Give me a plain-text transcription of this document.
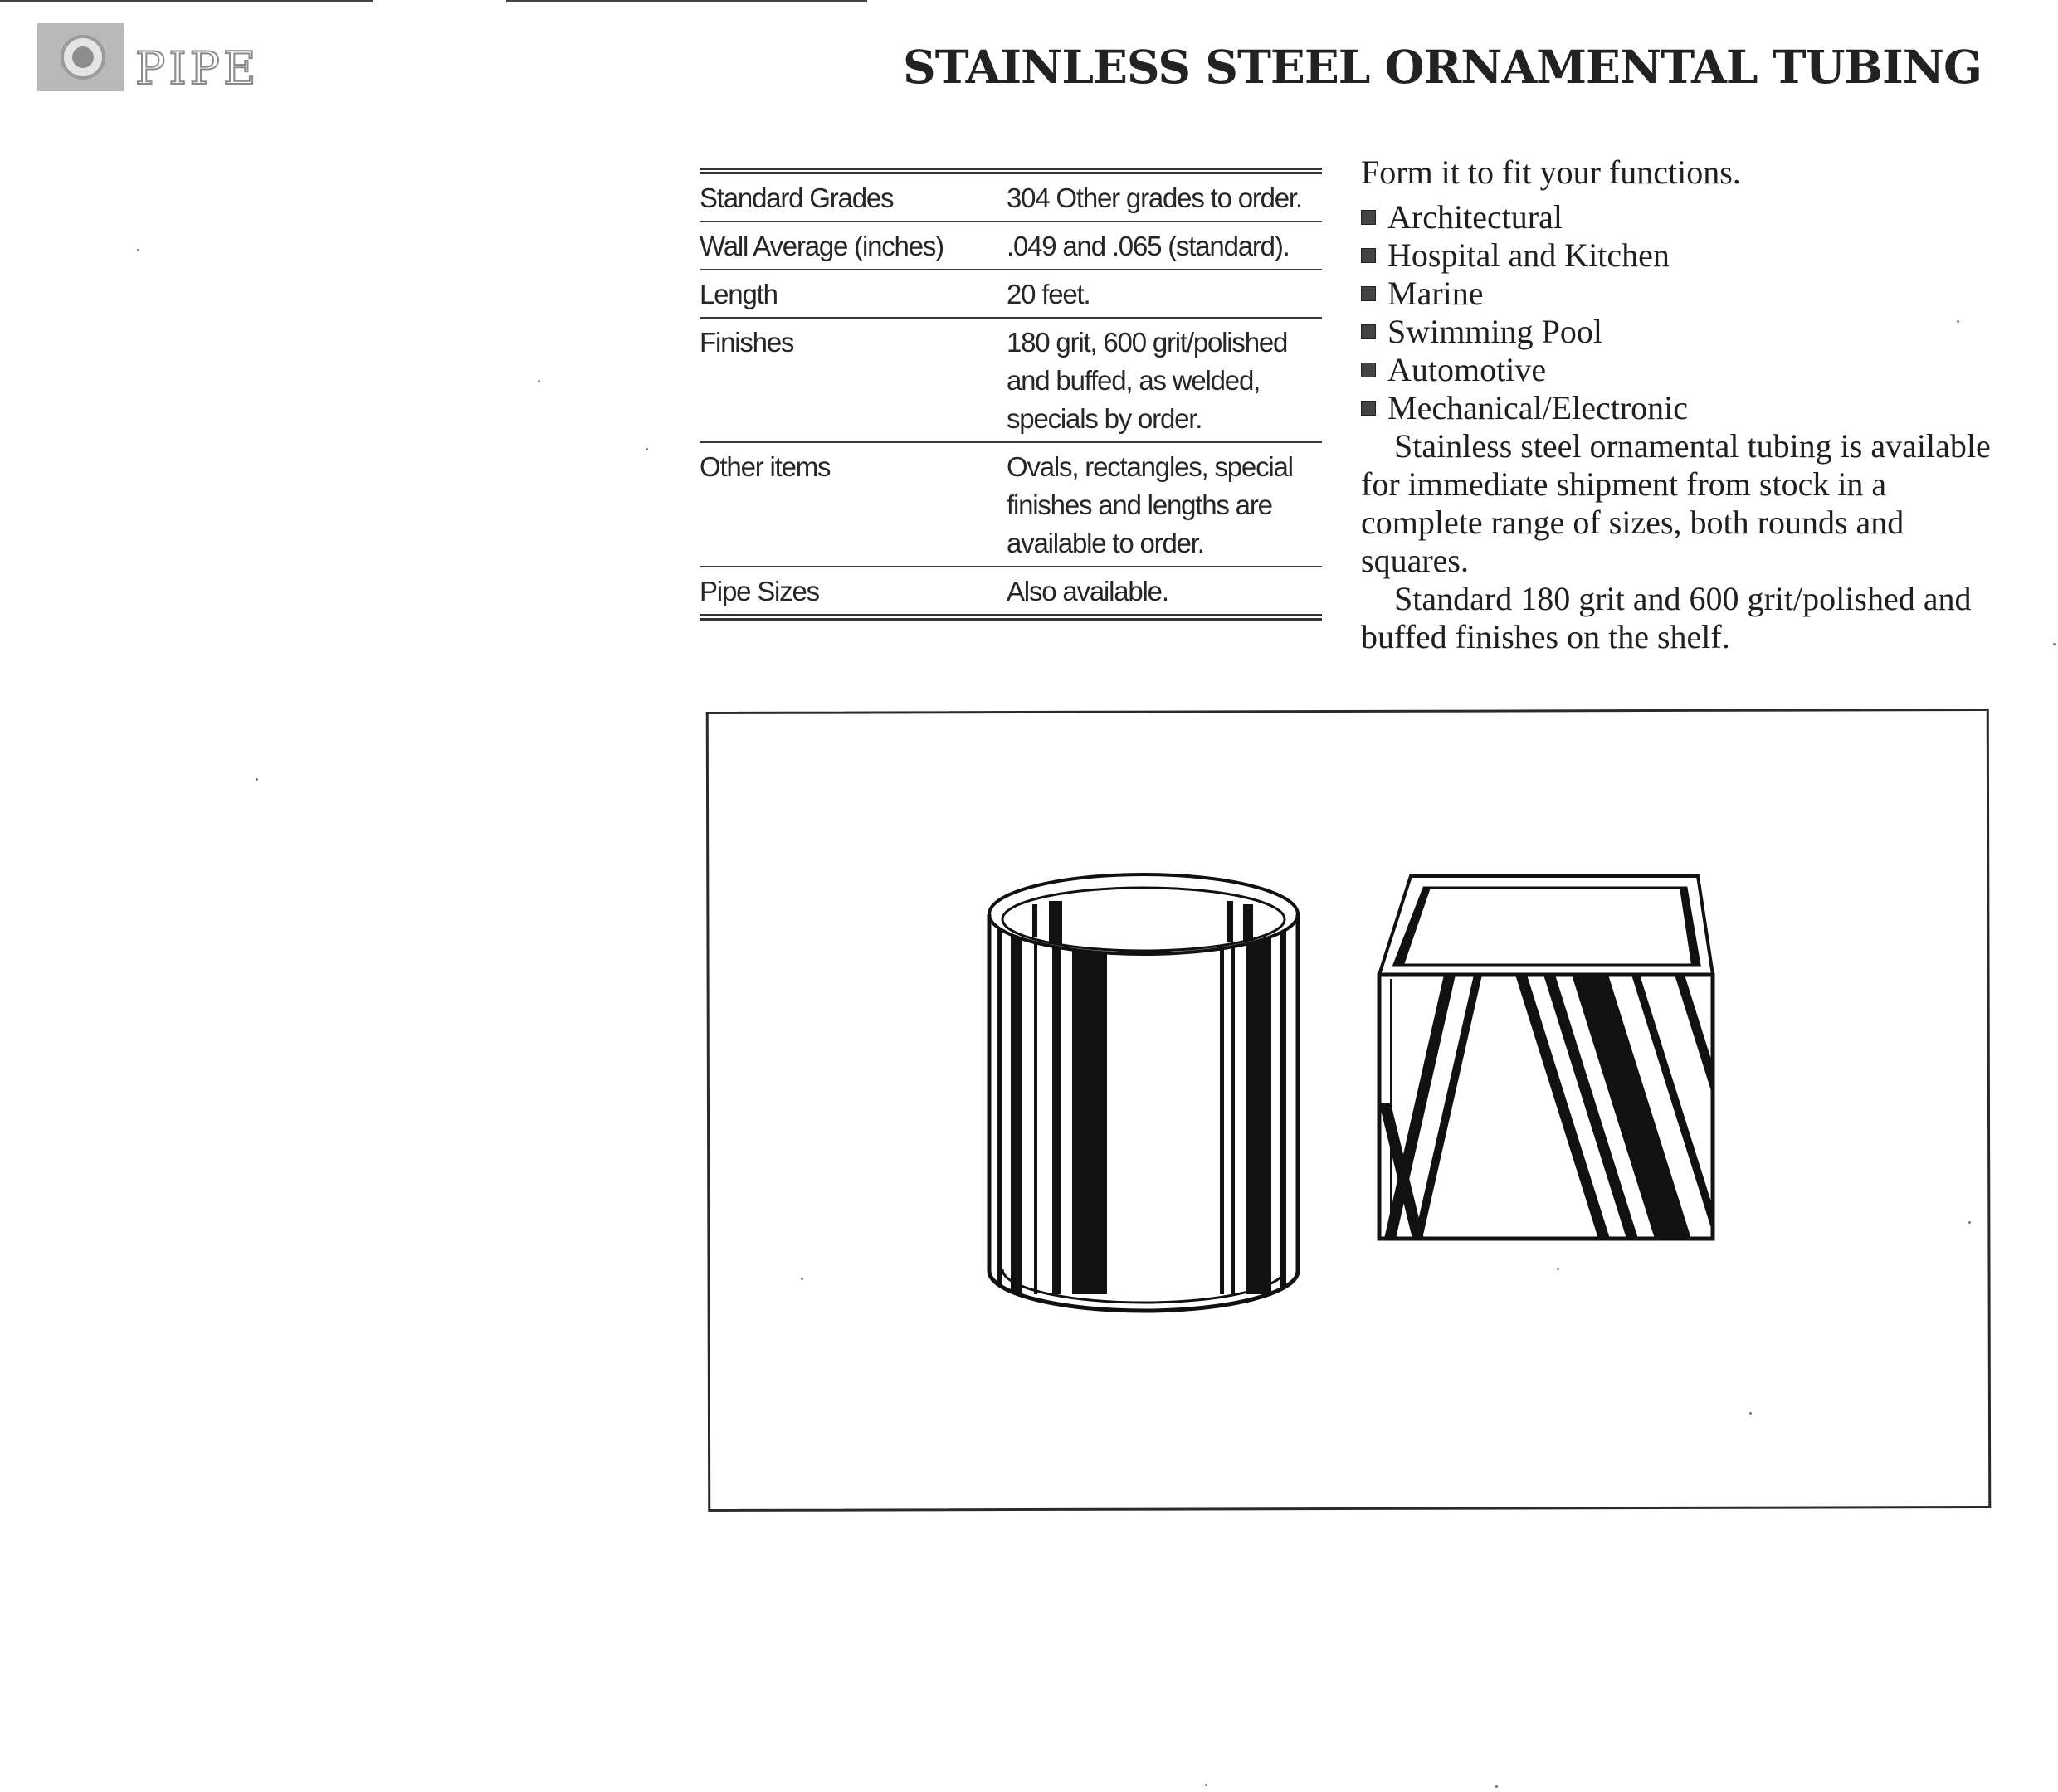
PIPE	STAINLESS STEEL ORNAMENTAL TUBING
Standard Grades	304 Other grades to order.
Wall Average (inches)	.049 and .065 (standard).
Length	20 feet.
Finishes	180 grit, 600 grit/polished
and buffed, as welded,
specials by order.
Other items	Ovals, rectangles, special
finishes and lengths are
available to order.
Pipe Sizes	Also available.

Form it to fit your functions.

Architectural
Hospital and Kitchen
Marine
Swimming Pool
Automotive
Mechanical/Electronic

Stainless steel ornamental tubing is available for immediate shipment from stock in a complete range of sizes, both rounds and squares.

Standard 180 grit and 600 grit/polished and buffed finishes on the shelf.
